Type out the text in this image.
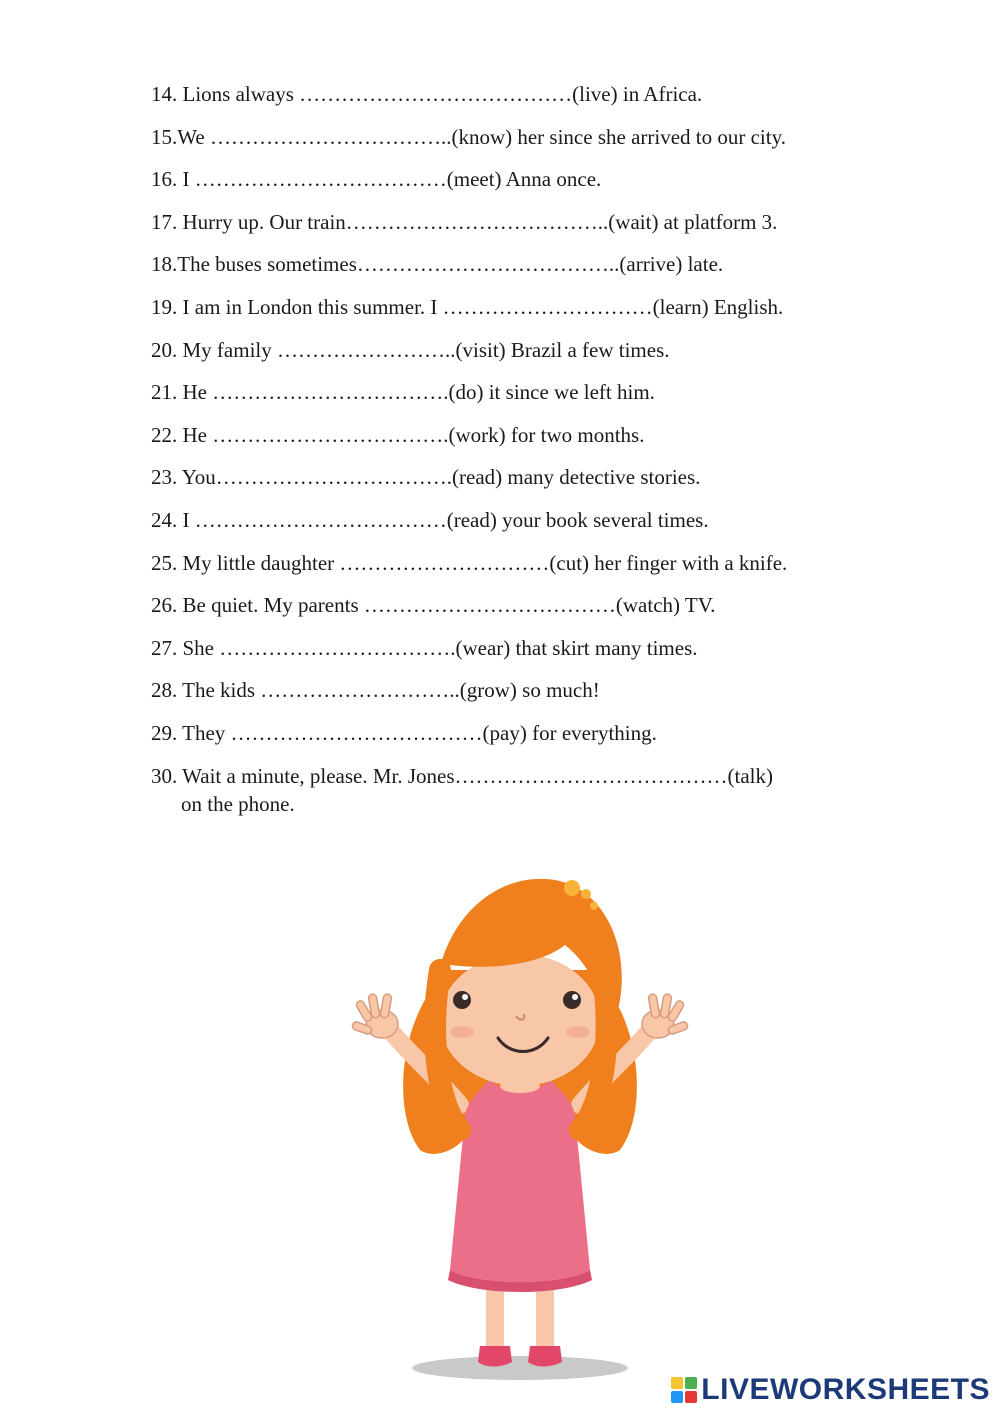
14. Lions always …………………………………(live) in Africa.
15.We ……………………………..(know) her since she arrived to our city.
16. I ………………………………(meet) Anna once.
17. Hurry up. Our train………………………………..(wait) at platform 3.
18.The buses sometimes………………………………..(arrive) late.
19. I am in London this summer. I …………………………(learn) English.
20. My family ……………………..(visit) Brazil a few times.
21. He …………………………….(do) it since we left him.
22. He …………………………….(work) for two months.
23. You…………………………….(read) many detective stories.
24. I ………………………………(read) your book several times.
25. My little daughter …………………………(cut) her finger with a knife.
26. Be quiet. My parents ………………………………(watch) TV.
27. She …………………………….(wear) that skirt many times.
28. The kids ………………………..(grow) so much!
29. They ………………………………(pay) for everything.
30. Wait a minute, please. Mr. Jones…………………………………(talk)
on the phone.
LIVEWORKSHEETS
